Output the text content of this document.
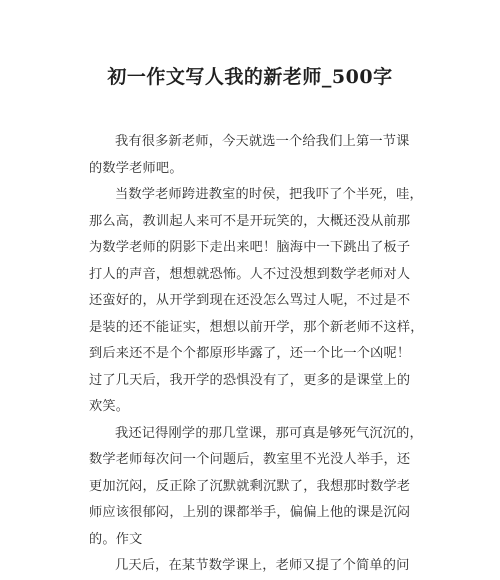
初一作文写人我的新老师_500字
我有很多新老师，今天就选一个给我们上第一节课
的数学老师吧。
当数学老师跨进教室的时侯，把我吓了个半死，哇，
那么高，教训起人来可不是开玩笑的，大概还没从前那
为数学老师的阴影下走出来吧！脑海中一下跳出了板子
打人的声音，想想就恐怖。人不过没想到数学老师对人
还蛮好的，从开学到现在还没怎么骂过人呢，不过是不
是装的还不能证实，想想以前开学，那个新老师不这样，
到后来还不是个个都原形毕露了，还一个比一个凶呢！
过了几天后，我开学的恐惧没有了，更多的是课堂上的
欢笑。
我还记得刚学的那几堂课，那可真是够死气沉沉的，
数学老师每次问一个问题后，教室里不光没人举手，还
更加沉闷，反正除了沉默就剩沉默了，我想那时数学老
师应该很郁闷，上别的课都举手，偏偏上他的课是沉闷
的。作文
几天后，在某节数学课上，老师又提了个简单的问
